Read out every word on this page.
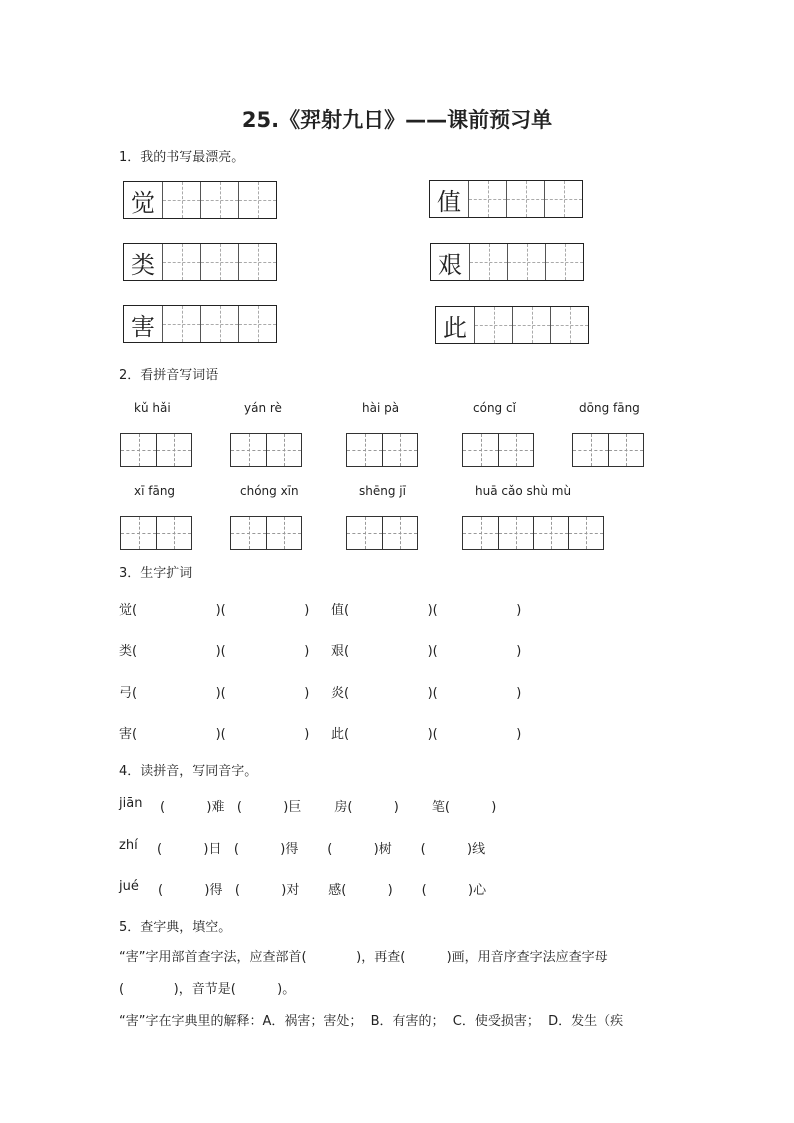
25.《羿射九日》——课前预习单
1．我的书写最漂亮。
觉	值
类	艰
害	此
2．看拼音写词语
kǔ hǎi	yán rè	hài pà	cóng cǐ	dōng fāng
xī fāng	chóng xīn	shēng jī	huā cǎo shù mù
3．生字扩词
觉(                   )(                   ) 值(                   )(                   )
类(                   )(                   ) 艰(                   )(                   )
弓(                   )(                   ) 炎(                   )(                   )
害(                   )(                   ) 此(                   )(                   )
4．读拼音，写同音字。
jiān (          )难   (          )巨        房(          )        笔(          )
zhí (          )日   (          )得       (          )树       (          )线
jué (          )得   (          )对       感(          )       (          )心
5．查字典，填空。
“害”字用部首查字法，应查部首(            )，再查(          )画，用音序查字法应查字母
(            )，音节是(          )。
“害”字在字典里的解释：A．祸害；害处；  B．有害的；  C．使受损害；  D．发生（疾
